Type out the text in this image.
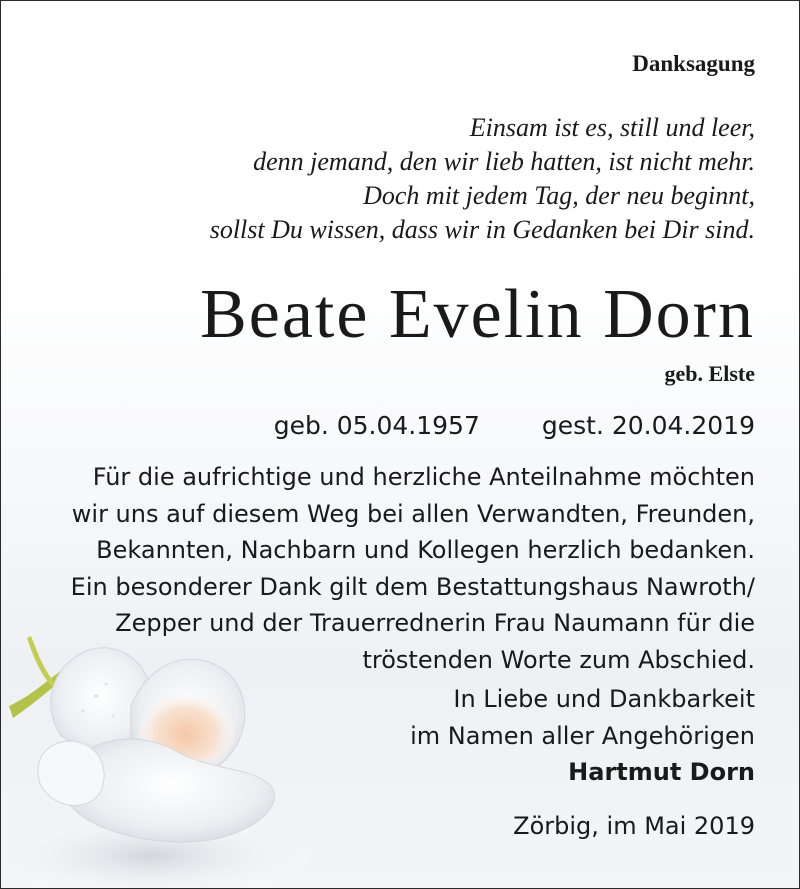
Danksagung
Einsam ist es, still und leer,
denn jemand, den wir lieb hatten, ist nicht mehr.
Doch mit jedem Tag, der neu beginnt,
sollst Du wissen, dass wir in Gedanken bei Dir sind.
Beate Evelin Dorn
geb. Elste
geb. 05.04.1957 gest. 20.04.2019
Für die aufrichtige und herzliche Anteilnahme möchten
wir uns auf diesem Weg bei allen Verwandten, Freunden,
Bekannten, Nachbarn und Kollegen herzlich bedanken.
Ein besonderer Dank gilt dem Bestattungshaus Nawroth/
Zepper und der Trauerrednerin Frau Naumann für die
tröstenden Worte zum Abschied.
In Liebe und Dankbarkeit
im Namen aller Angehörigen
Hartmut Dorn
Zörbig, im Mai 2019
